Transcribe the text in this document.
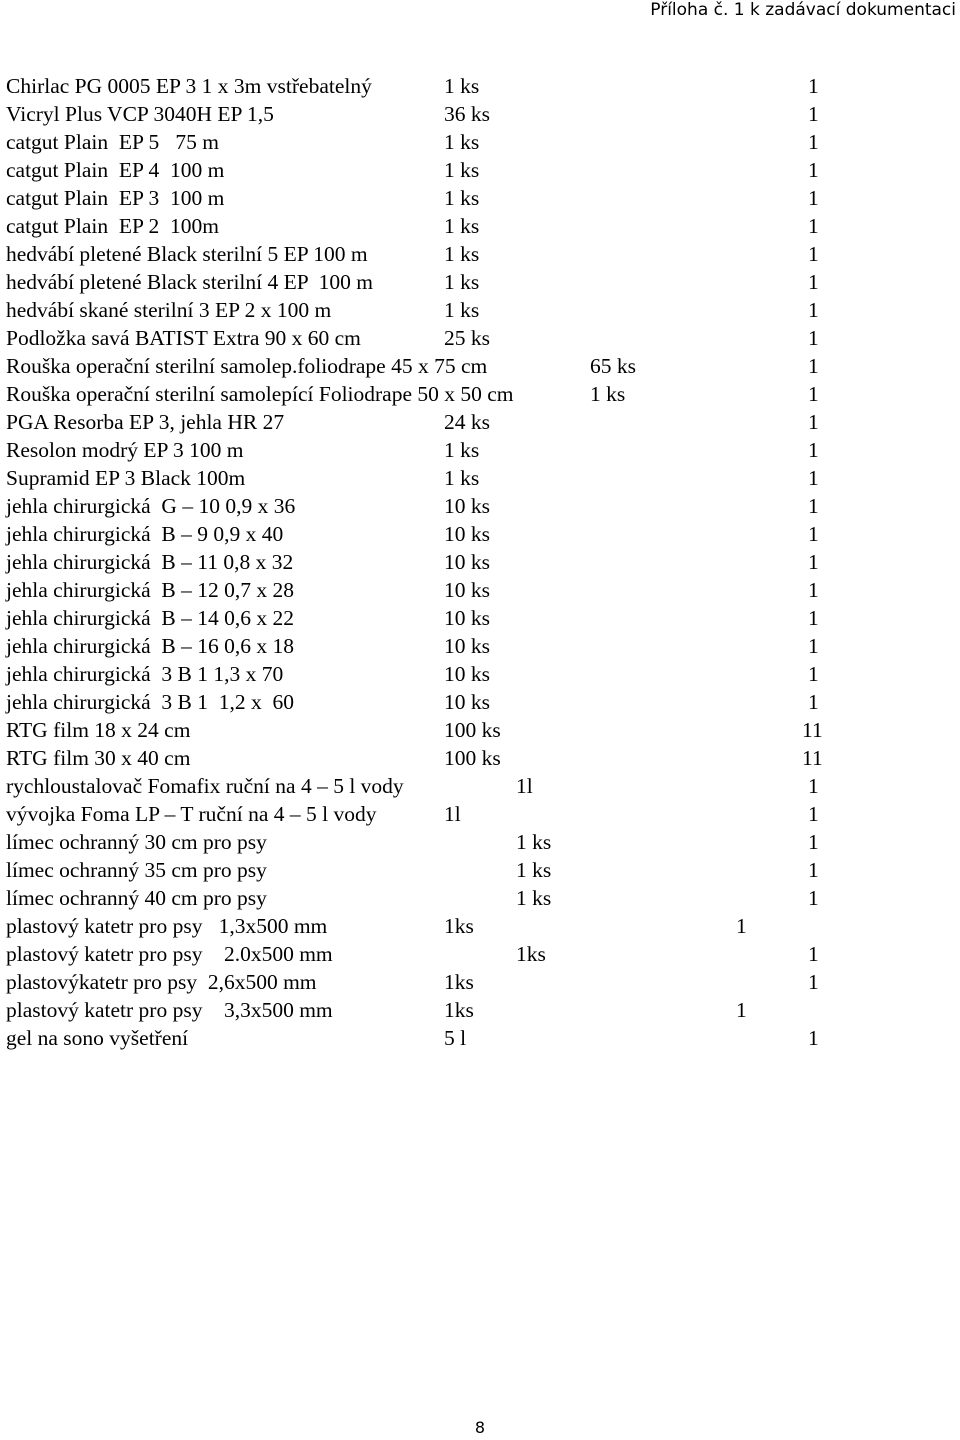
Příloha č. 1 k zadávací dokumentaci
Chirlac PG 0005 EP 3 1 x 3m vstřebatelný	1 ks	1
Vicryl Plus VCP 3040H EP 1,5	36 ks	1
catgut Plain  EP 5   75 m	1 ks	1
catgut Plain  EP 4  100 m	1 ks	1
catgut Plain  EP 3  100 m	1 ks	1
catgut Plain  EP 2  100m	1 ks	1
hedvábí pletené Black sterilní 5 EP 100 m	1 ks	1
hedvábí pletené Black sterilní 4 EP  100 m	1 ks	1
hedvábí skané sterilní 3 EP 2 x 100 m	1 ks	1
Podložka savá BATIST Extra 90 x 60 cm	25 ks	1
Rouška operační sterilní samolep.foliodrape 45 x 75 cm	65 ks	1
Rouška operační sterilní samolepící Foliodrape 50 x 50 cm	1 ks	1
PGA Resorba EP 3, jehla HR 27	24 ks	1
Resolon modrý EP 3 100 m	1 ks	1
Supramid EP 3 Black 100m	1 ks	1
jehla chirurgická  G – 10 0,9 x 36	10 ks	1
jehla chirurgická  B – 9 0,9 x 40	10 ks	1
jehla chirurgická  B – 11 0,8 x 32	10 ks	1
jehla chirurgická  B – 12 0,7 x 28	10 ks	1
jehla chirurgická  B – 14 0,6 x 22	10 ks	1
jehla chirurgická  B – 16 0,6 x 18	10 ks	1
jehla chirurgická  3 B 1 1,3 x 70	10 ks	1
jehla chirurgická  3 B 1  1,2 x  60	10 ks	1
RTG film 18 x 24 cm	100 ks	11
RTG film 30 x 40 cm	100 ks	11
rychloustalovač Fomafix ruční na 4 – 5 l vody	1l	1
vývojka Foma LP – T ruční na 4 – 5 l vody	1l	1
límec ochranný 30 cm pro psy	1 ks	1
límec ochranný 35 cm pro psy	1 ks	1
límec ochranný 40 cm pro psy	1 ks	1
plastový katetr pro psy   1,3x500 mm	1ks	1
plastový katetr pro psy    2.0x500 mm	1ks	1
plastovýkatetr pro psy  2,6x500 mm	1ks	1
plastový katetr pro psy    3,3x500 mm	1ks	1
gel na sono vyšetření	5 l	1
8
